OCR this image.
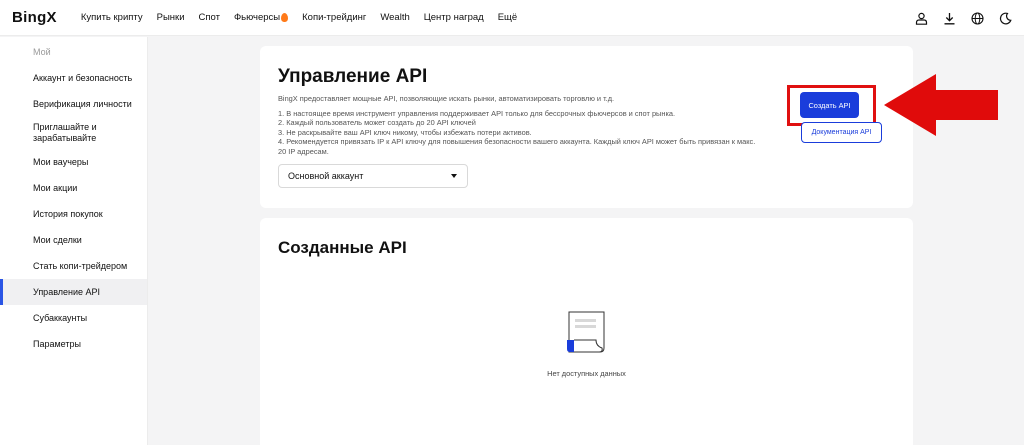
BingX	Купить крипту Рынки Спот Фьючерсы Копи-трейдинг Wealth Центр наград Ещё
Мой
Аккаунт и безопасность
Верификация личности
Приглашайте и зарабатывайте
Мои ваучеры
Мои акции
История покупок
Мои сделки
Стать копи-трейдером
Управление API
Субаккаунты
Параметры
Управление API
BingX предоставляет мощные API, позволяющие искать рынки, автоматизировать торговлю и т.д.
1. В настоящее время инструмент управления поддерживает API только для бессрочных фьючерсов и спот рынка.
2. Каждый пользователь может создать до 20 API ключей
3. Не раскрывайте ваш API ключ никому, чтобы избежать потери активов.
4. Рекомендуется привязать IP к API ключу для повышения безопасности вашего аккаунта. Каждый ключ API может быть привязан к макс. 20 IP адресам.
Основной аккаунт
Создать API
Документация API
Созданные API
Нет доступных данных
